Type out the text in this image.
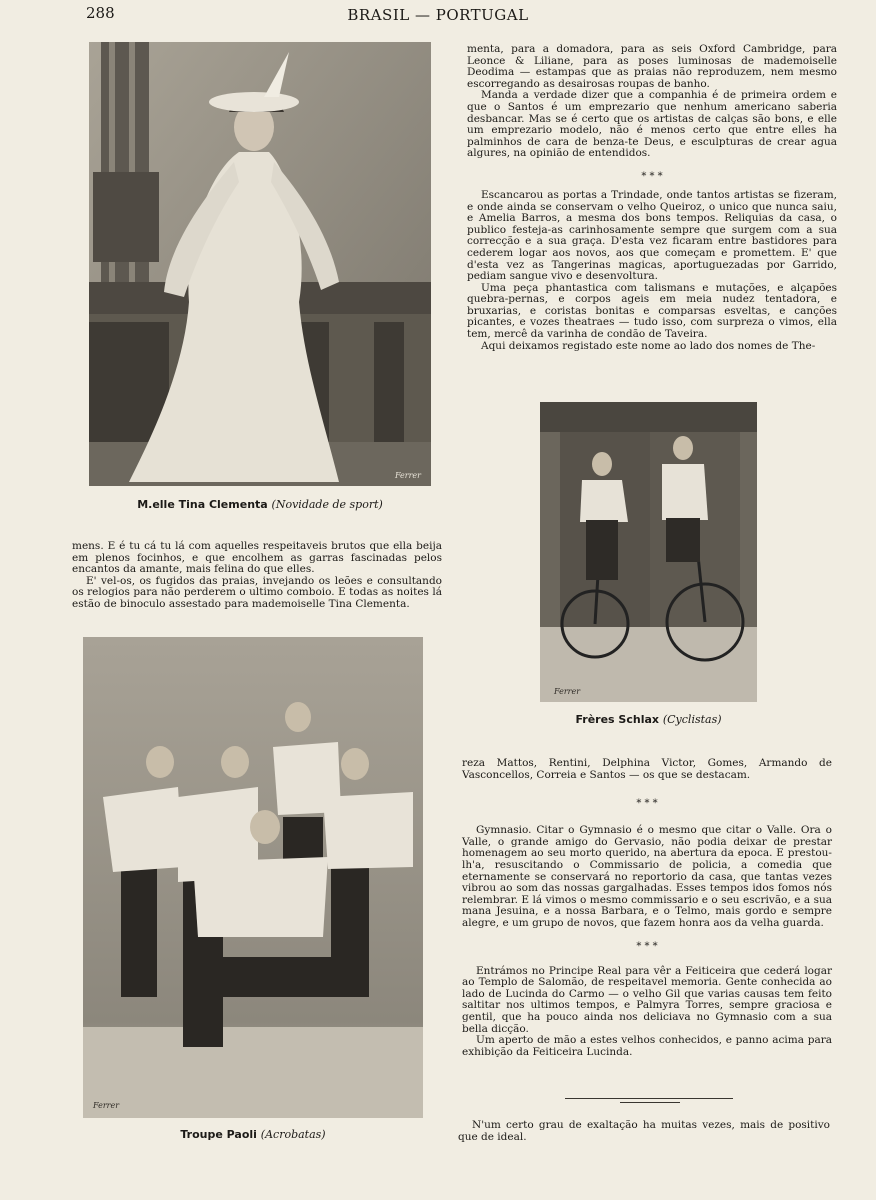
288	BRASIL — PORTUGAL
Ferrer
M.elle Tina Clementa (Novidade de sport)

menta, para a domadora, para as seis Oxford Cambridge, para Leonce & Liliane, para as poses luminosas de mademoiselle Deodima — estampas que as praias não reproduzem, nem mesmo escorregando as desairosas roupas de banho.

Manda a verdade dizer que a companhia é de primeira ordem e que o Santos é um emprezario que nenhum americano saberia desbancar. Mas se é certo que os artistas de calças são bons, e elle um emprezario modelo, não é menos certo que entre elles ha palminhos de cara de benza-te Deus, e esculpturas de crear agua algures, na opinião de entendidos.

* * *

Escancarou as portas a Trindade, onde tantos artistas se fizeram, e onde ainda se conservam o velho Queiroz, o unico que nunca saiu, e Amelia Barros, a mesma dos bons tempos. Reliquias da casa, o publico festeja-as carinhosamente sempre que surgem com a sua correcção e a sua graça. D'esta vez ficaram entre bastidores para cederem logar aos novos, aos que começam e promettem. E' que d'esta vez as Tangerinas magicas, aportuguezadas por Garrido, pediam sangue vivo e desenvoltura.

Uma peça phantastica com talismans e mutações, e alçapões quebra-pernas, e corpos ageis em meia nudez tentadora, e bruxarias, e coristas bonitas e comparsas esveltas, e canções picantes, e vozes theatraes — tudo isso, com surpreza o vimos, ella tem, mercê da varinha de condão de Taveira.

Aqui deixamos registado este nome ao lado dos nomes de The-

Ferrer
Frères Schlax (Cyclistas)

mens. E é tu cá tu lá com aquelles respeitaveis brutos que ella beija em plenos focinhos, e que encolhem as garras fascinadas pelos encantos da amante, mais felina do que elles.

E' vel-os, os fugidos das praias, invejando os leões e consultando os relogios para não perderem o ultimo comboio. E todas as noites lá estão de binoculo assestado para mademoiselle Tina Clementa.

Ferrer
Troupe Paoli (Acrobatas)

reza Mattos, Rentini, Delphina Victor, Gomes, Armando de Vasconcellos, Correia e Santos — os que se destacam.

* * *

Gymnasio. Citar o Gymnasio é o mesmo que citar o Valle. Ora o Valle, o grande amigo do Gervasio, não podia deixar de prestar homenagem ao seu morto querido, na abertura da epoca. E prestou-lh'a, resuscitando o Commissario de policia, a comedia que eternamente se conservará no reportorio da casa, que tantas vezes vibrou ao som das nossas gargalhadas. Esses tempos idos fomos nós relembrar. E lá vimos o mesmo commissario e o seu escrivão, e a sua mana Jesuina, e a nossa Barbara, e o Telmo, mais gordo e sempre alegre, e um grupo de novos, que fazem honra aos da velha guarda.

* * *

Entrámos no Principe Real para vêr a Feiticeira que cederá logar ao Templo de Salomão, de respeitavel memoria. Gente conhecida ao lado de Lucinda do Carmo — o velho Gil que varias causas tem feito saltitar nos ultimos tempos, e Palmyra Torres, sempre graciosa e gentil, que ha pouco ainda nos deliciava no Gymnasio com a sua bella dicção.

Um aperto de mão a estes velhos conhecidos, e panno acima para exhibição da Feiticeira Lucinda.

N'um certo grau de exaltação ha muitas vezes, mais de positivo que de ideal.
